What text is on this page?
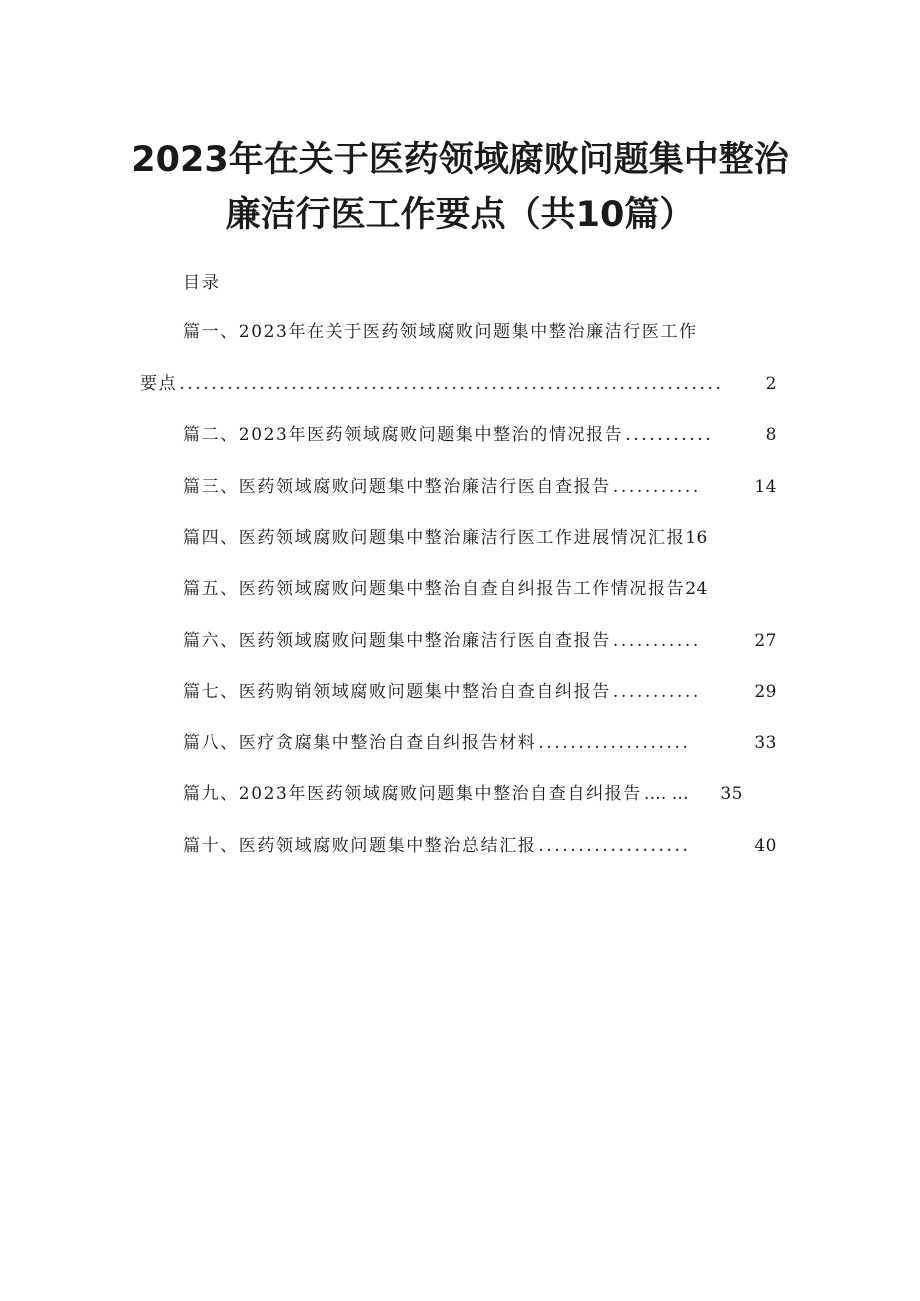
2023年在关于医药领域腐败问题集中整治
廉洁行医工作要点（共10篇）
目录
篇一、2023年在关于医药领域腐败问题集中整治廉洁行医工作
要点 ....................................................................	2
篇二、2023年医药领域腐败问题集中整治的情况报告 ...........	8
篇三、医药领域腐败问题集中整治廉洁行医自查报告 ...........	14
篇四、医药领域腐败问题集中整治廉洁行医工作进展情况汇报 16
篇五、医药领域腐败问题集中整治自查自纠报告工作情况报告 24
篇六、医药领域腐败问题集中整治廉洁行医自查报告 ...........	27
篇七、医药购销领域腐败问题集中整治自查自纠报告 ...........	29
篇八、医疗贪腐集中整治自查自纠报告材料 ...................	33
篇九、2023年医药领域腐败问题集中整治自查自纠报告 …. …	35
篇十、医药领域腐败问题集中整治总结汇报 ...................	40
